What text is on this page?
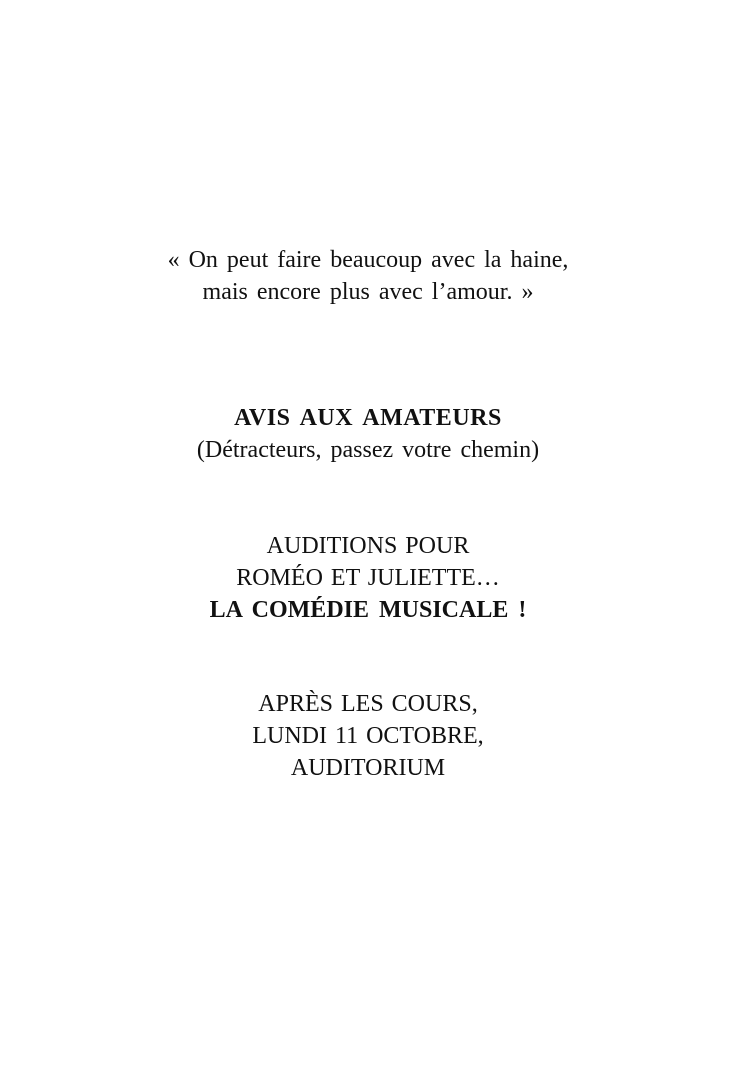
« On peut faire beaucoup avec la haine,
mais encore plus avec l’amour. »
AVIS AUX AMATEURS
(Détracteurs, passez votre chemin)
AUDITIONS POUR
ROMÉO ET JULIETTE…
LA COMÉDIE MUSICALE !
APRÈS LES COURS,
LUNDI 11 OCTOBRE,
AUDITORIUM
